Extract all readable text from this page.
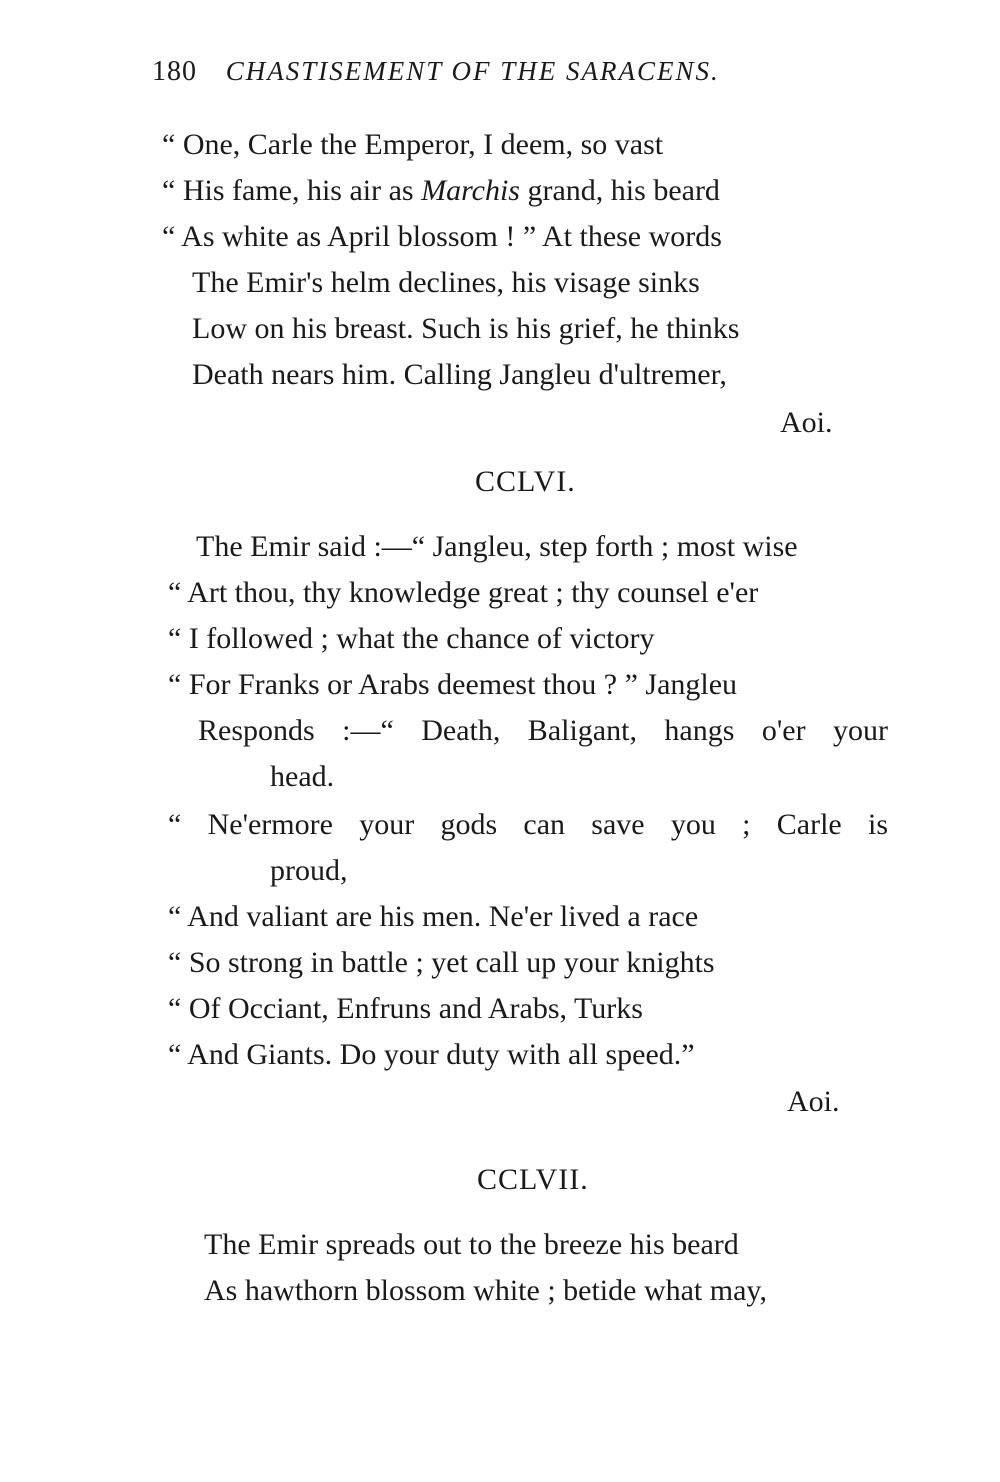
180 CHASTISEMENT OF THE SARACENS.
“ One, Carle the Emperor, I deem, so vast
“ His fame, his air as Marchis grand, his beard
“ As white as April blossom ! ” At these words
The Emir's helm declines, his visage sinks
Low on his breast. Such is his grief, he thinks
Death nears him. Calling Jangleu d'ultremer,
Aoi.
CCLVI.
The Emir said :—“ Jangleu, step forth ; most wise
“ Art thou, thy knowledge great ; thy counsel e'er
“ I followed ; what the chance of victory
“ For Franks or Arabs deemest thou ? ” Jangleu
Responds :—“ Death, Baligant, hangs o'er your
head.
“ Ne'ermore your gods can save you ; Carle is
proud,
“ And valiant are his men. Ne'er lived a race
“ So strong in battle ; yet call up your knights
“ Of Occiant, Enfruns and Arabs, Turks
“ And Giants. Do your duty with all speed.”
Aoi.
CCLVII.
The Emir spreads out to the breeze his beard
As hawthorn blossom white ; betide what may,
